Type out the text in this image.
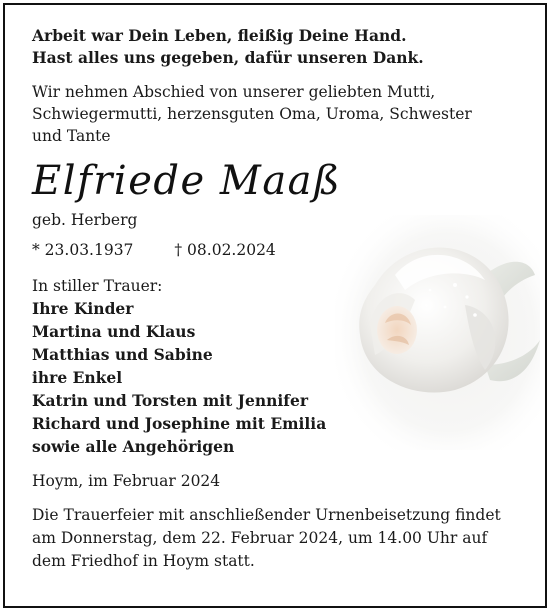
Arbeit war Dein Leben, fleißig Deine Hand.
Hast alles uns gegeben, dafür unseren Dank.
Wir nehmen Abschied von unserer geliebten Mutti,
Schwiegermutti, herzensguten Oma, Uroma, Schwester
und Tante
Elfriede Maaß
geb. Herberg
* 23.03.1937	† 08.02.2024
In stiller Trauer:
Ihre Kinder
Martina und Klaus
Matthias und Sabine
ihre Enkel
Katrin und Torsten mit Jennifer
Richard und Josephine mit Emilia
sowie alle Angehörigen
Hoym, im Februar 2024
Die Trauerfeier mit anschließender Urnenbeisetzung findet
am Donnerstag, dem 22. Februar 2024, um 14.00 Uhr auf
dem Friedhof in Hoym statt.
